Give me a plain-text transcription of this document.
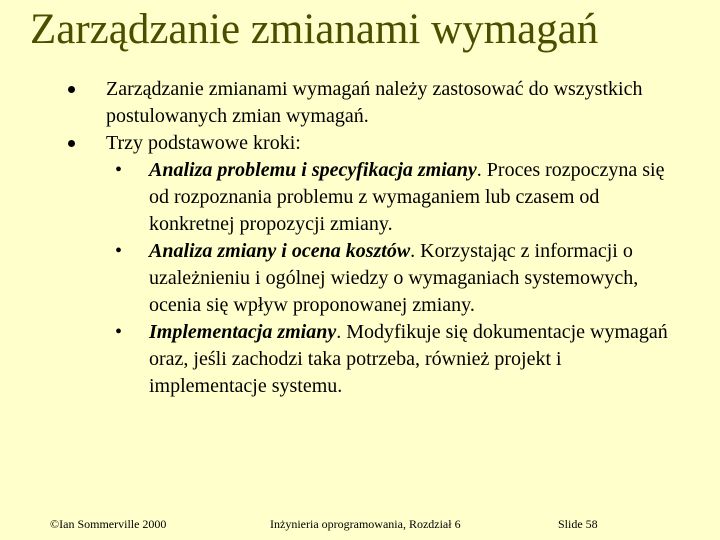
Zarządzanie zmianami wymagań
Zarządzanie zmianami wymagań należy zastosować do wszystkich postulowanych zmian wymagań.
Trzy podstawowe kroki:
• Analiza problemu i specyfikacja zmiany. Proces rozpoczyna się od rozpoznania problemu z wymaganiem lub czasem od konkretnej propozycji zmiany.
• Analiza zmiany i ocena kosztów. Korzystając z informacji o uzależnieniu i ogólnej wiedzy o wymaganiach systemowych, ocenia się wpływ proponowanej zmiany.
• Implementacja zmiany. Modyfikuje się dokumentacje wymagań oraz, jeśli zachodzi taka potrzeba, również projekt i implementacje systemu.
©Ian Sommerville 2000	Inżynieria oprogramowania, Rozdział 6	Slide 58
